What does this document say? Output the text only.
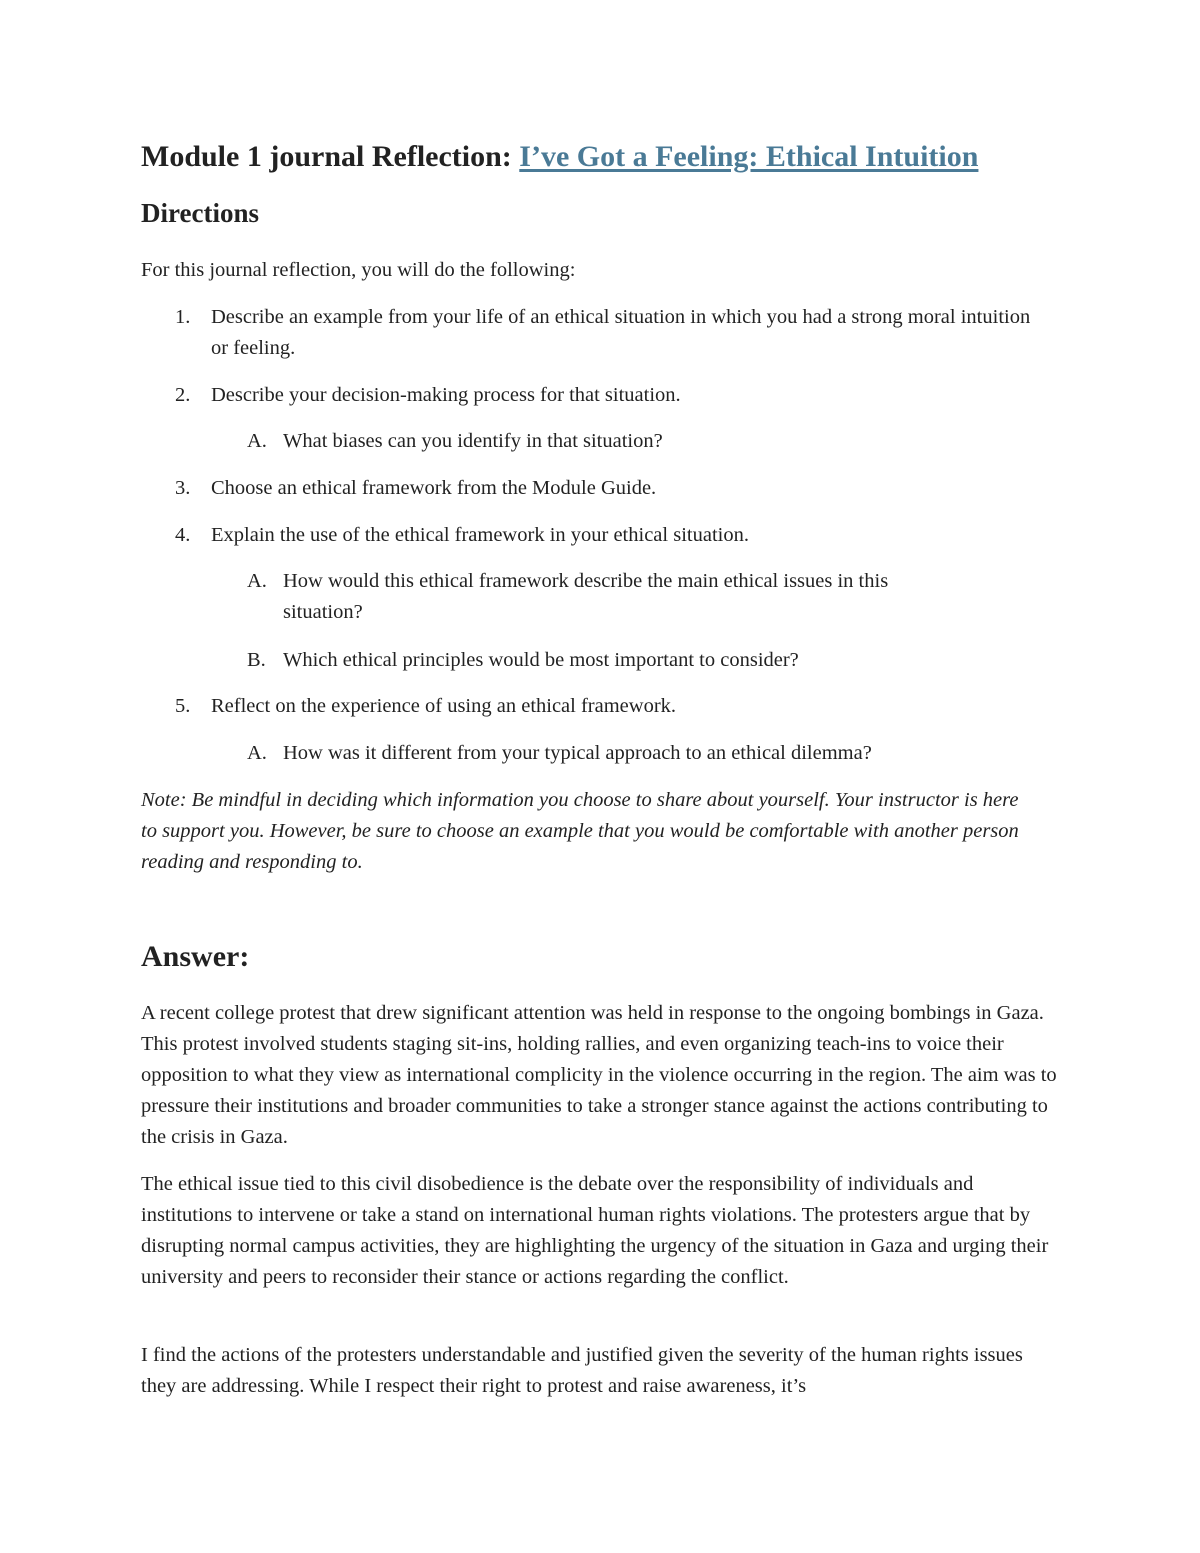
Module 1 journal Reflection: I’ve Got a Feeling: Ethical Intuition
Directions

For this journal reflection, you will do the following:

1. Describe an example from your life of an ethical situation in which you had a strong moral intuition or feeling.
2. Describe your decision-making process for that situation.
A. What biases can you identify in that situation?
3. Choose an ethical framework from the Module Guide.
4. Explain the use of the ethical framework in your ethical situation.
A. How would this ethical framework describe the main ethical issues in this situation?
B. Which ethical principles would be most important to consider?
5. Reflect on the experience of using an ethical framework.
A. How was it different from your typical approach to an ethical dilemma?

Note: Be mindful in deciding which information you choose to share about yourself. Your instructor is here to support you. However, be sure to choose an example that you would be comfortable with another person reading and responding to.

Answer:

A recent college protest that drew significant attention was held in response to the ongoing bombings in Gaza. This protest involved students staging sit-ins, holding rallies, and even organizing teach-ins to voice their opposition to what they view as international complicity in the violence occurring in the region. The aim was to pressure their institutions and broader communities to take a stronger stance against the actions contributing to the crisis in Gaza.

The ethical issue tied to this civil disobedience is the debate over the responsibility of individuals and institutions to intervene or take a stand on international human rights violations. The protesters argue that by disrupting normal campus activities, they are highlighting the urgency of the situation in Gaza and urging their university and peers to reconsider their stance or actions regarding the conflict.

I find the actions of the protesters understandable and justified given the severity of the human rights issues they are addressing. While I respect their right to protest and raise awareness, it’s
